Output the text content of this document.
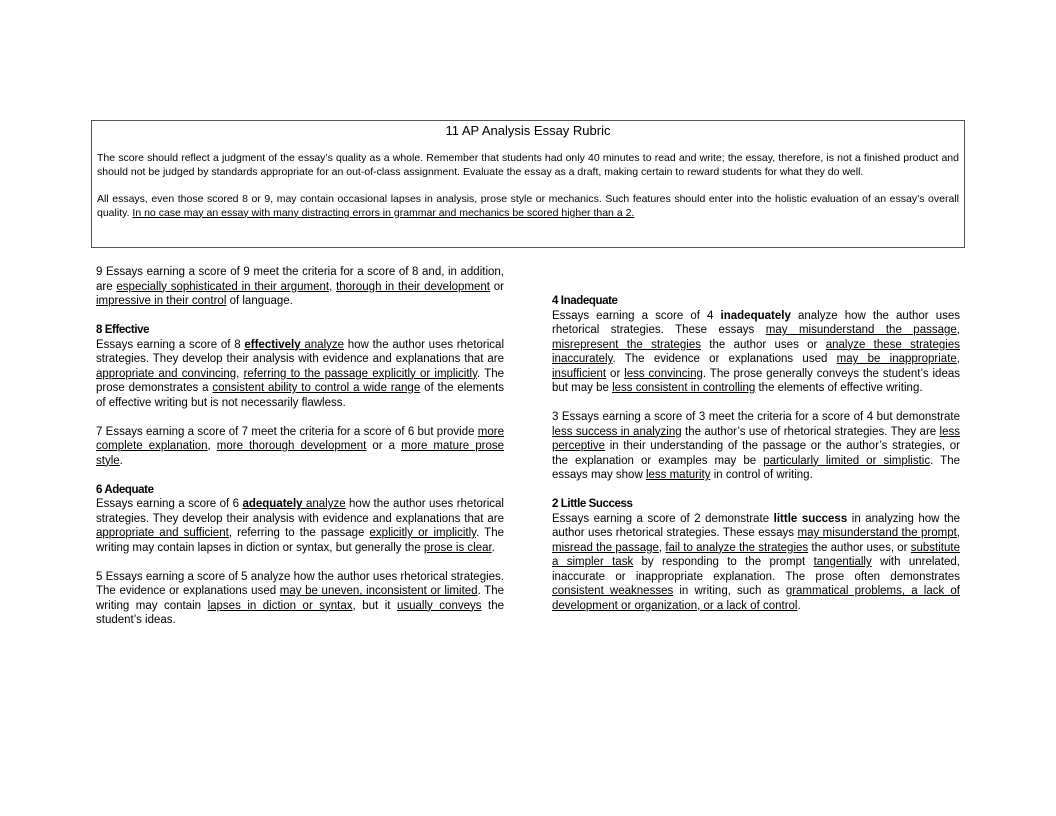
11 AP Analysis Essay Rubric

The score should reflect a judgment of the essay’s quality as a whole. Remember that students had only 40 minutes to read and write; the essay, therefore, is not a finished product and should not be judged by standards appropriate for an out-of-class assignment. Evaluate the essay as a draft, making certain to reward students for what they do well.

All essays, even those scored 8 or 9, may contain occasional lapses in analysis, prose style or mechanics. Such features should enter into the holistic evaluation of an essay’s overall quality. In no case may an essay with many distracting errors in grammar and mechanics be scored higher than a 2.

9 Essays earning a score of 9 meet the criteria for a score of 8 and, in addition, are especially sophisticated in their argument, thorough in their development or impressive in their control of language.
8 Effective
Essays earning a score of 8 effectively analyze how the author uses rhetorical strategies. They develop their analysis with evidence and explanations that are appropriate and convincing, referring to the passage explicitly or implicitly. The prose demonstrates a consistent ability to control a wide range of the elements of effective writing but is not necessarily flawless.
7 Essays earning a score of 7 meet the criteria for a score of 6 but provide more complete explanation, more thorough development or a more mature prose style.
6 Adequate
Essays earning a score of 6 adequately analyze how the author uses rhetorical strategies. They develop their analysis with evidence and explanations that are appropriate and sufficient, referring to the passage explicitly or implicitly. The writing may contain lapses in diction or syntax, but generally the prose is clear.
5 Essays earning a score of 5 analyze how the author uses rhetorical strategies. The evidence or explanations used may be uneven, inconsistent or limited. The writing may contain lapses in diction or syntax, but it usually conveys the student’s ideas.
4 Inadequate
Essays earning a score of 4 inadequately analyze how the author uses rhetorical strategies. These essays may misunderstand the passage, misrepresent the strategies the author uses or analyze these strategies inaccurately. The evidence or explanations used may be inappropriate, insufficient or less convincing. The prose generally conveys the student’s ideas but may be less consistent in controlling the elements of effective writing.
3 Essays earning a score of 3 meet the criteria for a score of 4 but demonstrate less success in analyzing the author’s use of rhetorical strategies. They are less perceptive in their understanding of the passage or the author’s strategies, or the explanation or examples may be particularly limited or simplistic. The essays may show less maturity in control of writing.
2 Little Success
Essays earning a score of 2 demonstrate little success in analyzing how the author uses rhetorical strategies. These essays may misunderstand the prompt, misread the passage, fail to analyze the strategies the author uses, or substitute a simpler task by responding to the prompt tangentially with unrelated, inaccurate or inappropriate explanation. The prose often demonstrates consistent weaknesses in writing, such as grammatical problems, a lack of development or organization, or a lack of control.
